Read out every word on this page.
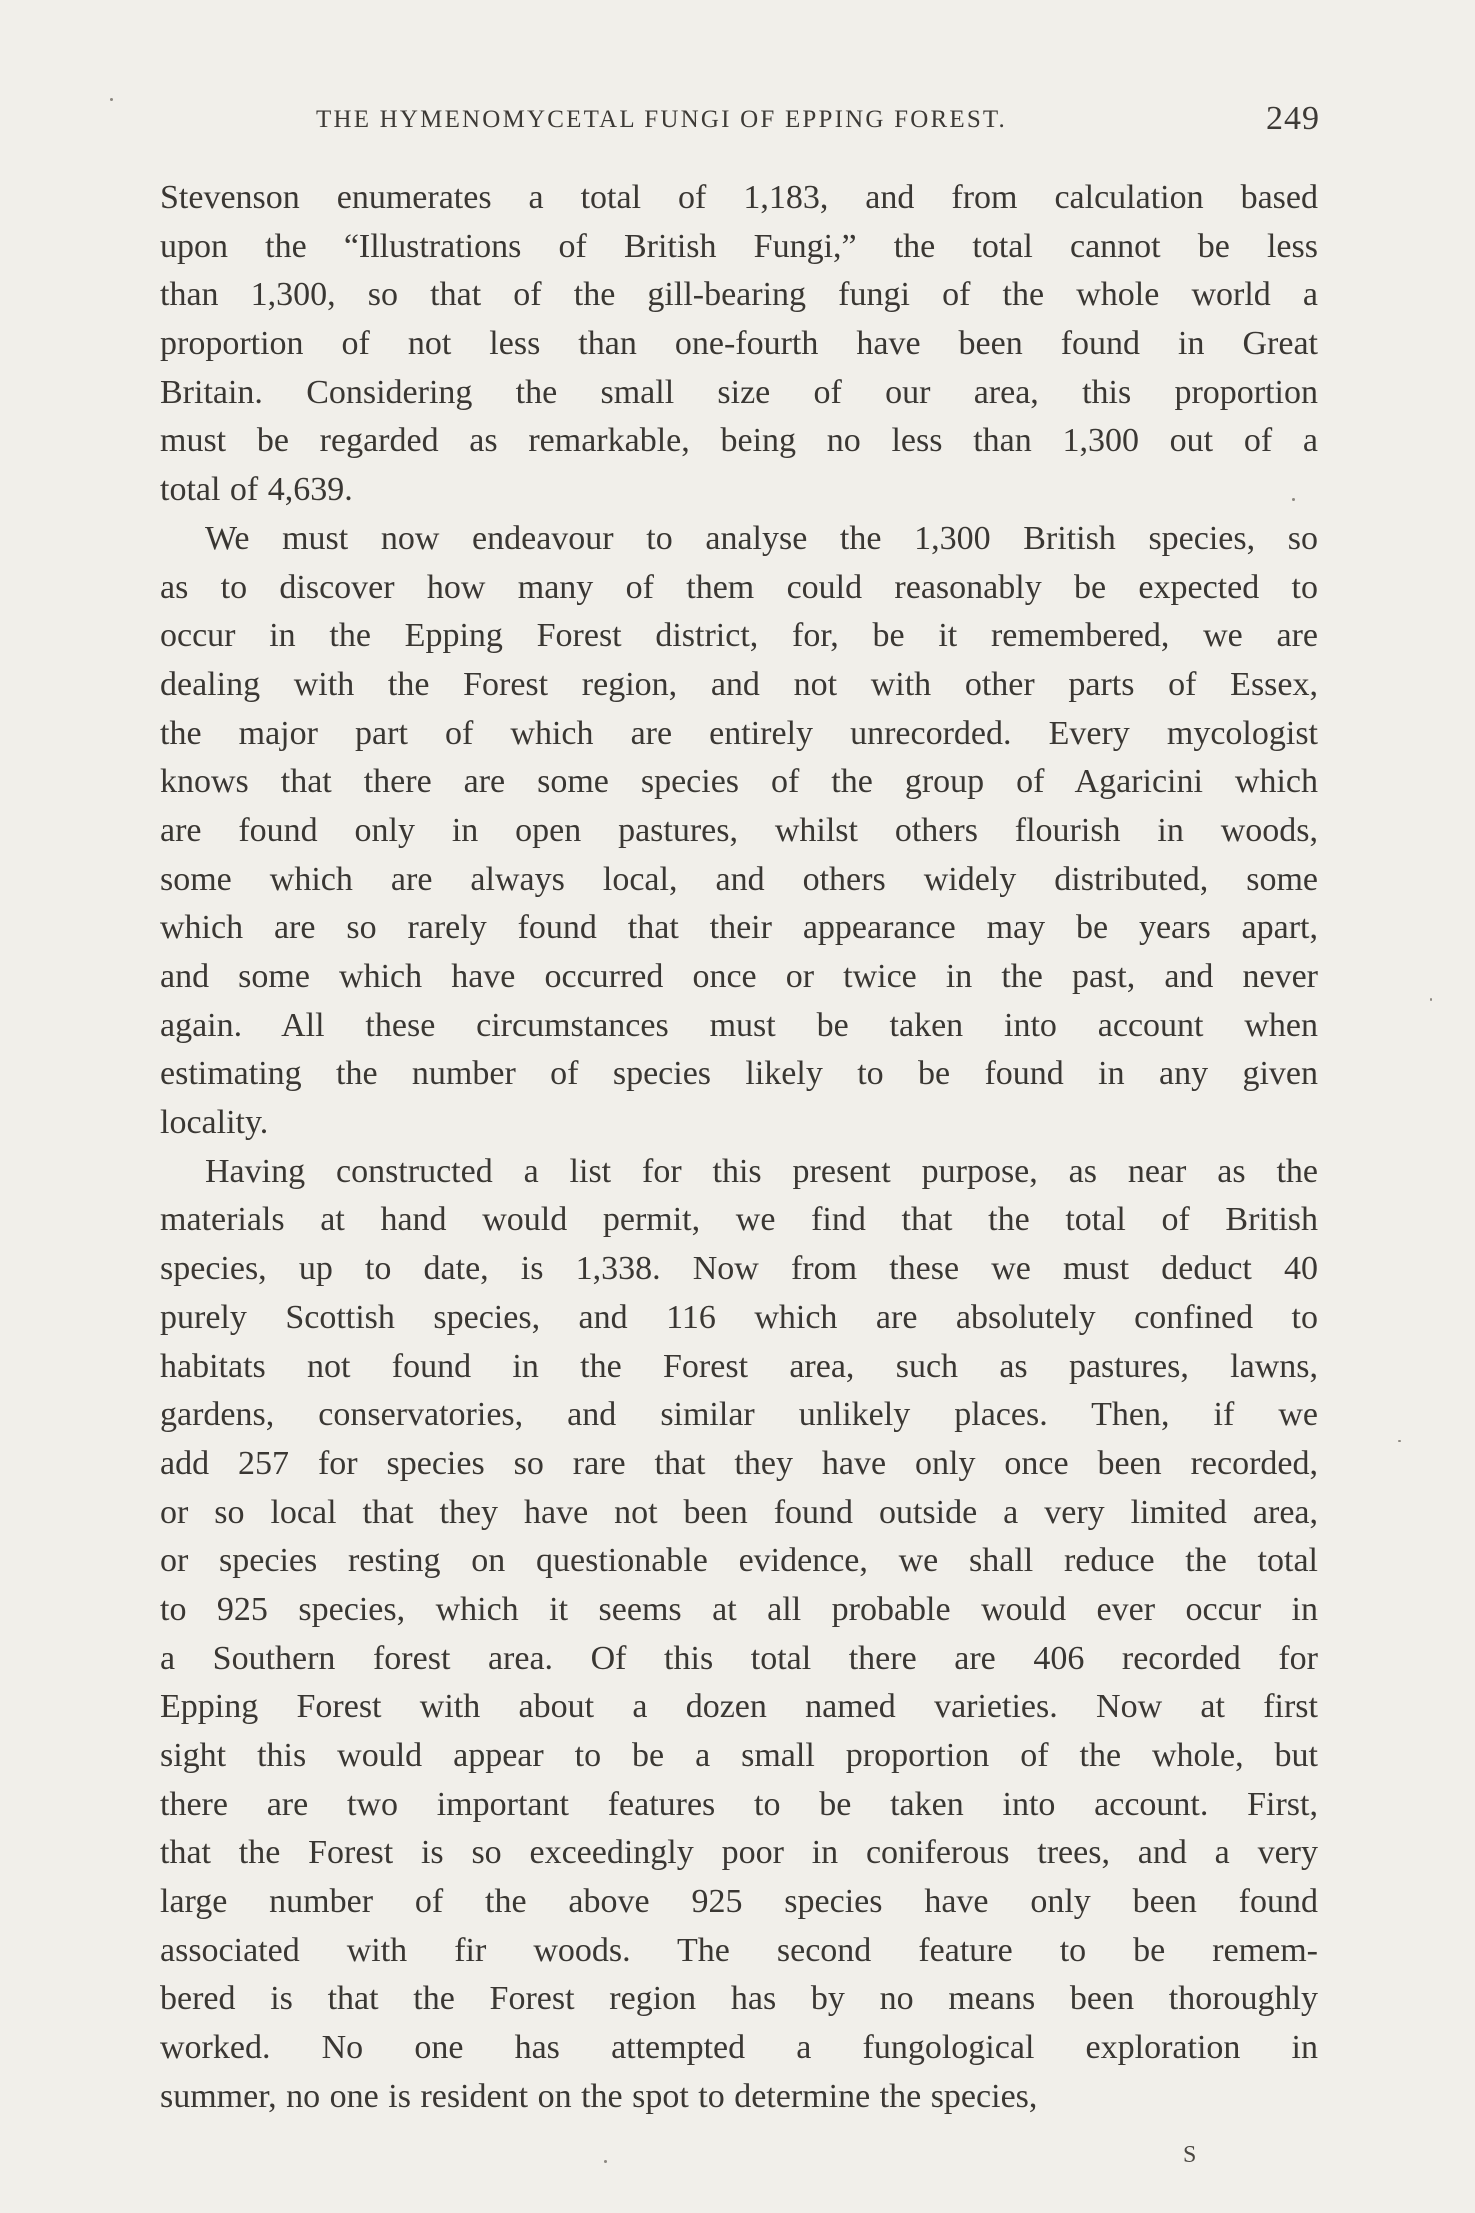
THE HYMENOMYCETAL FUNGI OF EPPING FOREST.	249
Stevenson enumerates a total of 1,183, and from calculation based
upon the “Illustrations of British Fungi,” the total cannot be less
than 1,300, so that of the gill-bearing fungi of the whole world a
proportion of not less than one-fourth have been found in Great
Britain. Considering the small size of our area, this proportion
must be regarded as remarkable, being no less than 1,300 out of a
total of 4,639.
We must now endeavour to analyse the 1,300 British species, so
as to discover how many of them could reasonably be expected to
occur in the Epping Forest district, for, be it remembered, we are
dealing with the Forest region, and not with other parts of Essex,
the major part of which are entirely unrecorded. Every mycologist
knows that there are some species of the group of Agaricini which
are found only in open pastures, whilst others flourish in woods,
some which are always local, and others widely distributed, some
which are so rarely found that their appearance may be years apart,
and some which have occurred once or twice in the past, and never
again. All these circumstances must be taken into account when
estimating the number of species likely to be found in any given
locality.
Having constructed a list for this present purpose, as near as the
materials at hand would permit, we find that the total of British
species, up to date, is 1,338. Now from these we must deduct 40
purely Scottish species, and 116 which are absolutely confined to
habitats not found in the Forest area, such as pastures, lawns,
gardens, conservatories, and similar unlikely places. Then, if we
add 257 for species so rare that they have only once been recorded,
or so local that they have not been found outside a very limited area,
or species resting on questionable evidence, we shall reduce the total
to 925 species, which it seems at all probable would ever occur in
a Southern forest area. Of this total there are 406 recorded for
Epping Forest with about a dozen named varieties. Now at first
sight this would appear to be a small proportion of the whole, but
there are two important features to be taken into account. First,
that the Forest is so exceedingly poor in coniferous trees, and a very
large number of the above 925 species have only been found
associated with fir woods. The second feature to be remem-
bered is that the Forest region has by no means been thoroughly
worked. No one has attempted a fungological exploration in
summer, no one is resident on the spot to determine the species,
S
